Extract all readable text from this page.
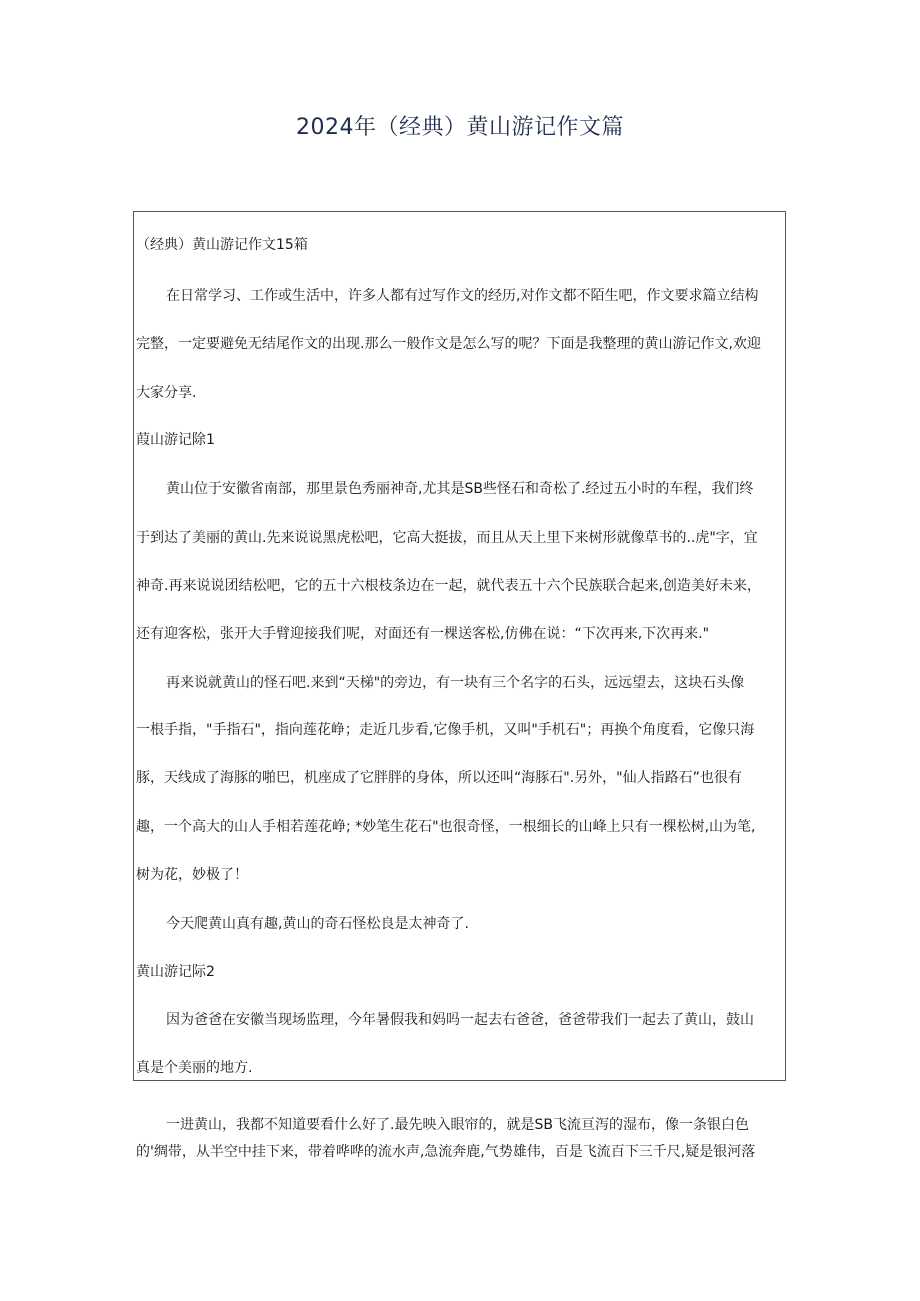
2024年（经典）黄山游记作文篇
（经典）黄山游记作文15箱
在日常学习、工作或生活中，许多人都有过写作文的经历,对作文都不陌生吧，作文要求篇立结构
完整，一定要避免无结尾作文的出现.那么一般作文是怎么写的呢？下面是我整理的黄山游记作文,欢迎
大家分享.
葭山游记除1
黄山位于安徽省南部，那里景色秀丽神奇,尤其是SB些怪石和奇松了.经过五小时的车程，我们终
于到达了美丽的黄山.先来说说黑虎松吧，它高大挺拔，而且从天上里下来树形就像草书的..虎"字，宜
神奇.再来说说团结松吧，它的五十六根枝条边在一起，就代表五十六个民族联合起来,创造美好未来，
还有迎客松，张开大手臂迎接我们呢，对面还有一棵送客松,仿佛在说：“下次再来,下次再来."
再来说就黄山的怪石吧.来到“天梯"的旁边，有一块有三个名字的石头，远远望去，这块石头像
一根手指，"手指石"，指向莲花峥；走近几步看,它像手机，又叫"手机石"；再换个角度看，它像只海
豚，天线成了海豚的啪巴，机座成了它胖胖的身体，所以还叫“海豚石".另外，"仙人指路石”也很有
趣，一个高大的山人手相若莲花峥; *妙笔生花石"也很奇怪，一根细长的山峰上只有一棵松树,山为笔,
树为花，妙极了！
今天爬黄山真有趣,黄山的奇石怪松良是太神奇了.
黄山游记际2
因为爸爸在安徽当现场监理，今年暑假我和妈吗一起去右爸爸，爸爸带我们一起去了黄山，鼓山
真是个美丽的地方.
一进黄山，我都不知道要看什么好了.最先映入眼帘的，就是SB飞流亘泻的湿布，像一条银白色
的'绸带，从半空中挂下来，带着哗哗的流水声,急流奔鹿,气势雄伟，百是飞流百下三千尺,疑是银河落
